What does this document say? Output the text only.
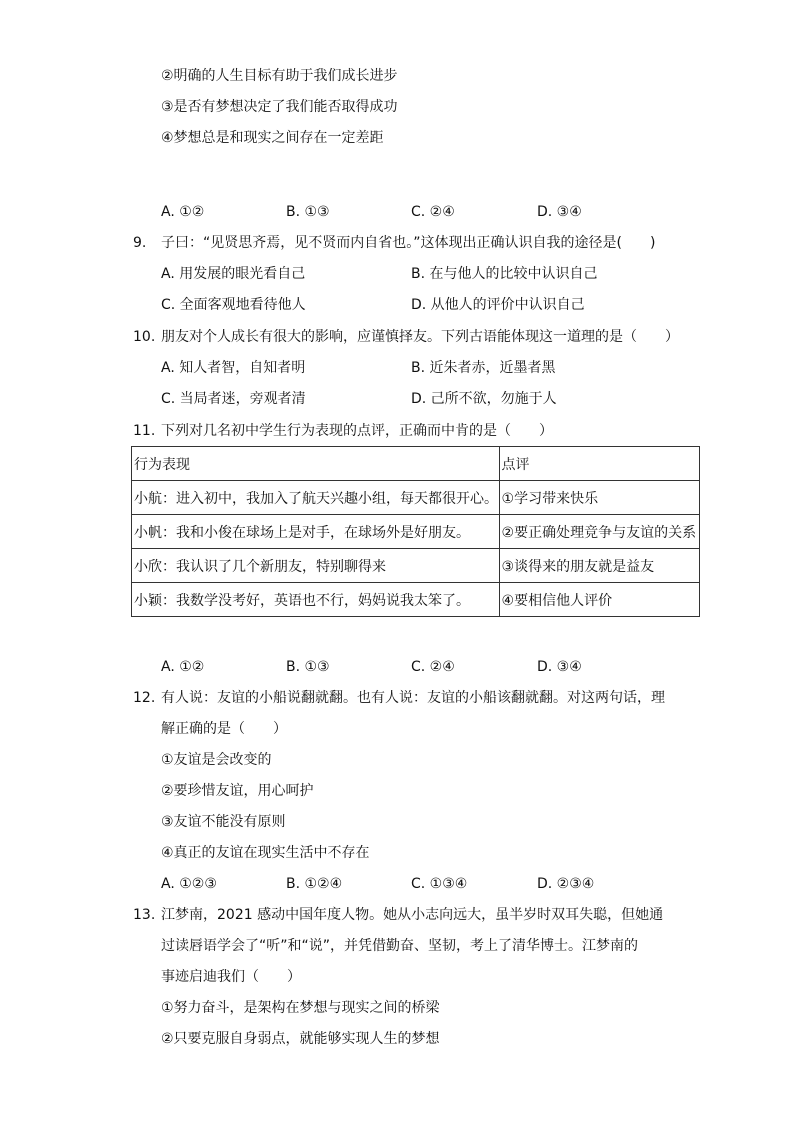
②明确的人生目标有助于我们成长进步
③是否有梦想决定了我们能否取得成功
④梦想总是和现实之间存在一定差距
A. ①②	B. ①③	C. ②④	D. ③④
9. 子曰：“见贤思齐焉，见不贤而内自省也。”这体现出正确认识自我的途径是(　　)
A. 用发展的眼光看自己	B. 在与他人的比较中认识自己
C. 全面客观地看待他人	D. 从他人的评价中认识自己
10. 朋友对个人成长有很大的影响，应谨慎择友。下列古语能体现这一道理的是（　　）
A. 知人者智，自知者明	B. 近朱者赤，近墨者黑
C. 当局者迷，旁观者清	D. 己所不欲，勿施于人
11. 下列对几名初中学生行为表现的点评，正确而中肯的是（　　）
行为表现	点评
小航：进入初中，我加入了航天兴趣小组，每天都很开心。	①学习带来快乐
小帆：我和小俊在球场上是对手，在球场外是好朋友。	②要正确处理竞争与友谊的关系
小欣：我认识了几个新朋友，特别聊得来	③谈得来的朋友就是益友
小颖：我数学没考好，英语也不行，妈妈说我太笨了。	④要相信他人评价
A. ①②	B. ①③	C. ②④	D. ③④
12. 有人说：友谊的小船说翻就翻。也有人说：友谊的小船该翻就翻。对这两句话，理
解正确的是（　　）
①友谊是会改变的
②要珍惜友谊，用心呵护
③友谊不能没有原则
④真正的友谊在现实生活中不存在
A. ①②③	B. ①②④	C. ①③④	D. ②③④
13. 江梦南，2021 感动中国年度人物。她从小志向远大，虽半岁时双耳失聪，但她通
过读唇语学会了“听”和“说”，并凭借勤奋、坚韧，考上了清华博士。江梦南的
事迹启迪我们（　　）
①努力奋斗，是架构在梦想与现实之间的桥梁
②只要克服自身弱点，就能够实现人生的梦想
